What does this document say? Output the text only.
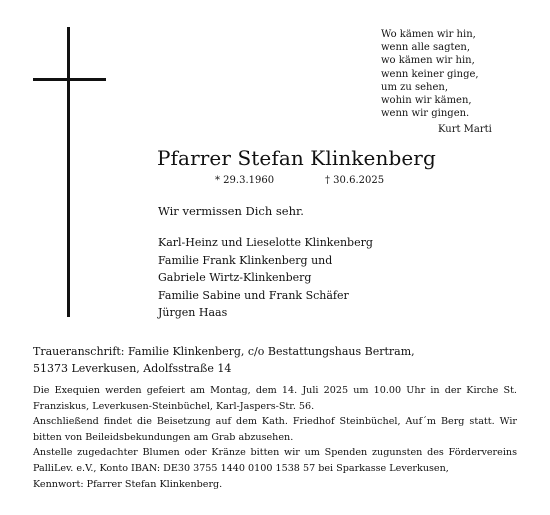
Wo kämen wir hin,
wenn alle sagten,
wo kämen wir hin,
wenn keiner ginge,
um zu sehen,
wohin wir kämen,
wenn wir gingen.
Kurt Marti
Pfarrer Stefan Klinkenberg
* 29.3.1960	† 30.6.2025
Wir vermissen Dich sehr.
Karl-Heinz und Lieselotte Klinkenberg
Familie Frank Klinkenberg und
Gabriele Wirtz-Klinkenberg
Familie Sabine und Frank Schäfer
Jürgen Haas
Traueranschrift: Familie Klinkenberg, c/o Bestattungshaus Bertram,
51373 Leverkusen, Adolfsstraße 14

Die Exequien werden gefeiert am Montag, dem 14. Juli 2025 um 10.00 Uhr in der Kirche St. Franziskus, Leverkusen-Steinbüchel, Karl-Jaspers-Str. 56.

Anschließend findet die Beisetzung auf dem Kath. Friedhof Steinbüchel, Auf´m Berg statt. Wir bitten von Beileidsbekundungen am Grab abzusehen.

Anstelle zugedachter Blumen oder Kränze bitten wir um Spenden zugunsten des Fördervereins PalliLev. e.V., Konto IBAN: DE30 3755 1440 0100 1538 57 bei Sparkasse Leverkusen,

Kennwort: Pfarrer Stefan Klinkenberg.
